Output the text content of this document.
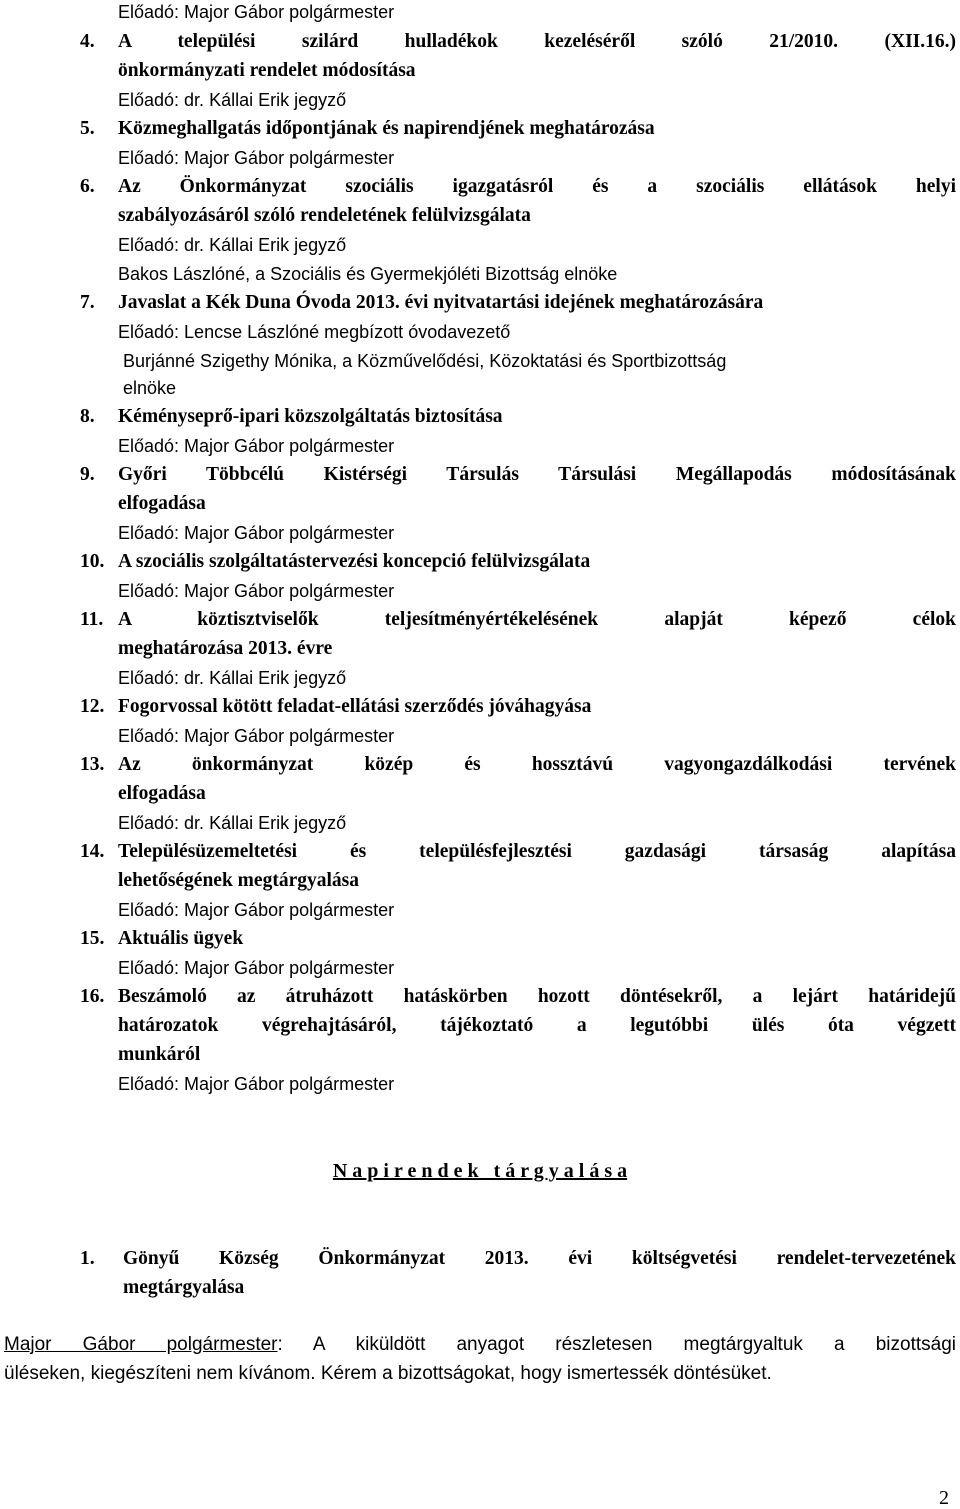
Előadó: Major Gábor polgármester
4. A települési szilárd hulladékok kezeléséről szóló 21/2010. (XII.16.)
önkormányzati rendelet módosítása
Előadó: dr. Kállai Erik jegyző
5. Közmeghallgatás időpontjának és napirendjének meghatározása
Előadó: Major Gábor polgármester
6. Az Önkormányzat szociális igazgatásról és a szociális ellátások helyi
szabályozásáról szóló rendeletének felülvizsgálata
Előadó: dr. Kállai Erik jegyző
Bakos Lászlóné, a Szociális és Gyermekjóléti Bizottság elnöke
7. Javaslat a Kék Duna Óvoda 2013. évi nyitvatartási idejének meghatározására
Előadó: Lencse Lászlóné megbízott óvodavezető
Burjánné Szigethy Mónika, a Közművelődési, Közoktatási és Sportbizottság
elnöke
8. Kéményseprő-ipari közszolgáltatás biztosítása
Előadó: Major Gábor polgármester
9. Győri Többcélú Kistérségi Társulás Társulási Megállapodás módosításának
elfogadása
Előadó: Major Gábor polgármester
10. A szociális szolgáltatástervezési koncepció felülvizsgálata
Előadó: Major Gábor polgármester
11. A köztisztviselők teljesítményértékelésének alapját képező célok
meghatározása 2013. évre
Előadó: dr. Kállai Erik jegyző
12. Fogorvossal kötött feladat-ellátási szerződés jóváhagyása
Előadó: Major Gábor polgármester
13. Az önkormányzat közép és hossztávú vagyongazdálkodási tervének
elfogadása
Előadó: dr. Kállai Erik jegyző
14. Településüzemeltetési és településfejlesztési gazdasági társaság alapítása
lehetőségének megtárgyalása
Előadó: Major Gábor polgármester
15. Aktuális ügyek
Előadó: Major Gábor polgármester
16. Beszámoló az átruházott hatáskörben hozott döntésekről, a lejárt határidejű
határozatok végrehajtásáról, tájékoztató a legutóbbi ülés óta végzett
munkáról
Előadó: Major Gábor polgármester
N a p i r e n d e k   t á r g y a l á s a
1. Gönyű Község Önkormányzat 2013. évi költségvetési rendelet-tervezetének
megtárgyalása
Major Gábor polgármester: A kiküldött anyagot részletesen megtárgyaltuk a bizottsági
üléseken, kiegészíteni nem kívánom. Kérem a bizottságokat, hogy ismertessék döntésüket.
2
